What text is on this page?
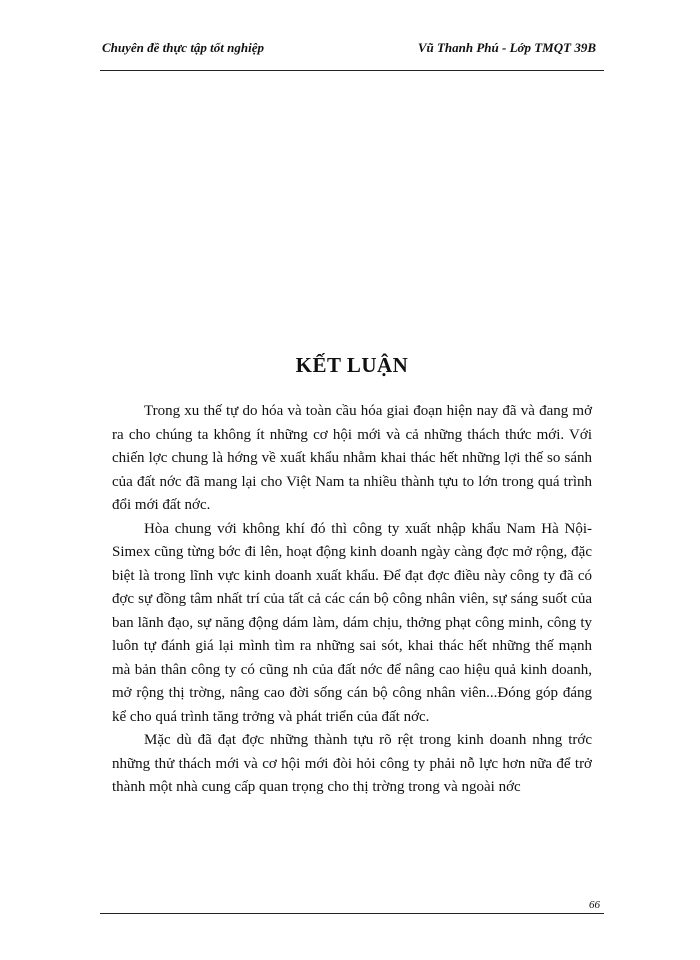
Chuyên đề thực tập tốt nghiệp	Vũ Thanh Phú - Lớp TMQT 39B
KẾT LUẬN

Trong xu thế tự do hóa và toàn cầu hóa giai đoạn hiện nay đã và đang mở ra cho chúng ta không ít những cơ hội mới và cả những thách thức mới. Với chiến lợc chung là hớng về xuất khẩu nhằm khai thác hết những lợi thế so sánh của đất nớc đã mang lại cho Việt Nam ta nhiều thành tựu to lớn trong quá trình đổi mới đất nớc.

Hòa chung với không khí đó thì công ty xuất nhập khẩu Nam Hà Nội-Simex cũng từng bớc đi lên, hoạt động kinh doanh ngày càng đợc mở rộng, đặc biệt là trong lĩnh vực kinh doanh xuất khẩu. Để đạt đợc điều này công ty đã có đợc sự đồng tâm nhất trí của tất cả các cán bộ công nhân viên, sự sáng suốt của ban lãnh đạo, sự năng động dám làm, dám chịu, thởng phạt công minh, công ty luôn tự đánh giá lại mình tìm ra những sai sót, khai thác hết những thế mạnh mà bản thân công ty có cũng nh của đất nớc để nâng cao hiệu quả kinh doanh, mở rộng thị trờng, nâng cao đời sống cán bộ công nhân viên...Đóng góp đáng kể cho quá trình tăng trởng và phát triển của đất nớc.

Mặc dù đã đạt đợc những thành tựu rõ rệt trong kinh doanh nhng trớc những thử thách mới và cơ hội mới đòi hỏi công ty phải nỗ lực hơn nữa để trở thành một nhà cung cấp quan trọng cho thị trờng trong và ngoài nớc

66
